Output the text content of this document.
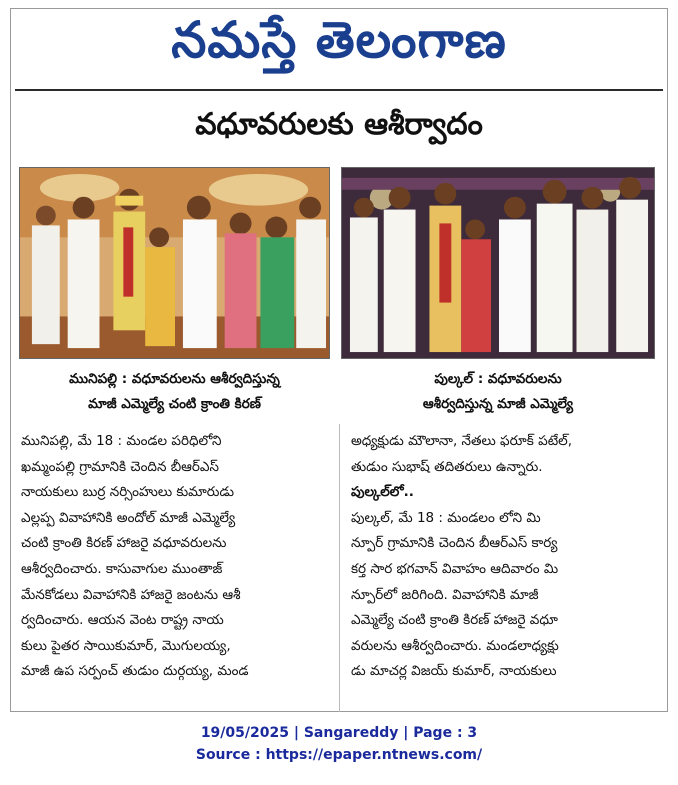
నమస్తే తెలంగాణ
వధూవరులకు ఆశీర్వాదం
మునిపల్లి : వధూవరులను ఆశీర్వదిస్తున్న
మాజీ ఎమ్మెల్యే చంటి క్రాంతి కిరణ్
పుల్కల్ : వధూవరులను
ఆశీర్వదిస్తున్న మాజీ ఎమ్మెల్యే

మునిపల్లి, మే 18 : మండల పరిధిలోని

ఖమ్మంపల్లి గ్రామానికి చెందిన బీఆర్ఎస్

నాయకులు బుర్ర నర్సింహులు కుమారుడు

ఎల్లప్ప వివాహానికి అందోల్ మాజీ ఎమ్మెల్యే

చంటి క్రాంతి కిరణ్ హాజరై వధూవరులను

ఆశీర్వదించారు. కాసువాగుల ముంతాజ్

మేనకోడలు వివాహానికి హాజరై జంటను ఆశీ

ర్వదించారు. ఆయన వెంట రాష్ట్ర నాయ

కులు పైతర సాయికుమార్, మొగులయ్య,

మాజీ ఉప సర్పంచ్ తుడుం దుర్గయ్య, మండ

అధ్యక్షుడు మౌలానా, నేతలు ఫరూక్ పటేల్,

తుడుం సుభాష్ తదితరులు ఉన్నారు.

పుల్కల్‌లో..

పుల్కల్, మే 18 : మండలం లోని మి

న్పూర్ గ్రామానికి చెందిన బీఆర్ఎస్ కార్య

కర్త సార భగవాన్ వివాహం ఆదివారం మి

న్పూర్‌లో జరిగింది. వివాహానికి మాజీ

ఎమ్మెల్యే చంటి క్రాంతి కిరణ్ హాజరై వధూ

వరులను ఆశీర్వదించారు. మండలాధ్యక్షు

డు మాచర్ల విజయ్ కుమార్, నాయకులు

19/05/2025 | Sangareddy | Page : 3
Source : https://epaper.ntnews.com/
